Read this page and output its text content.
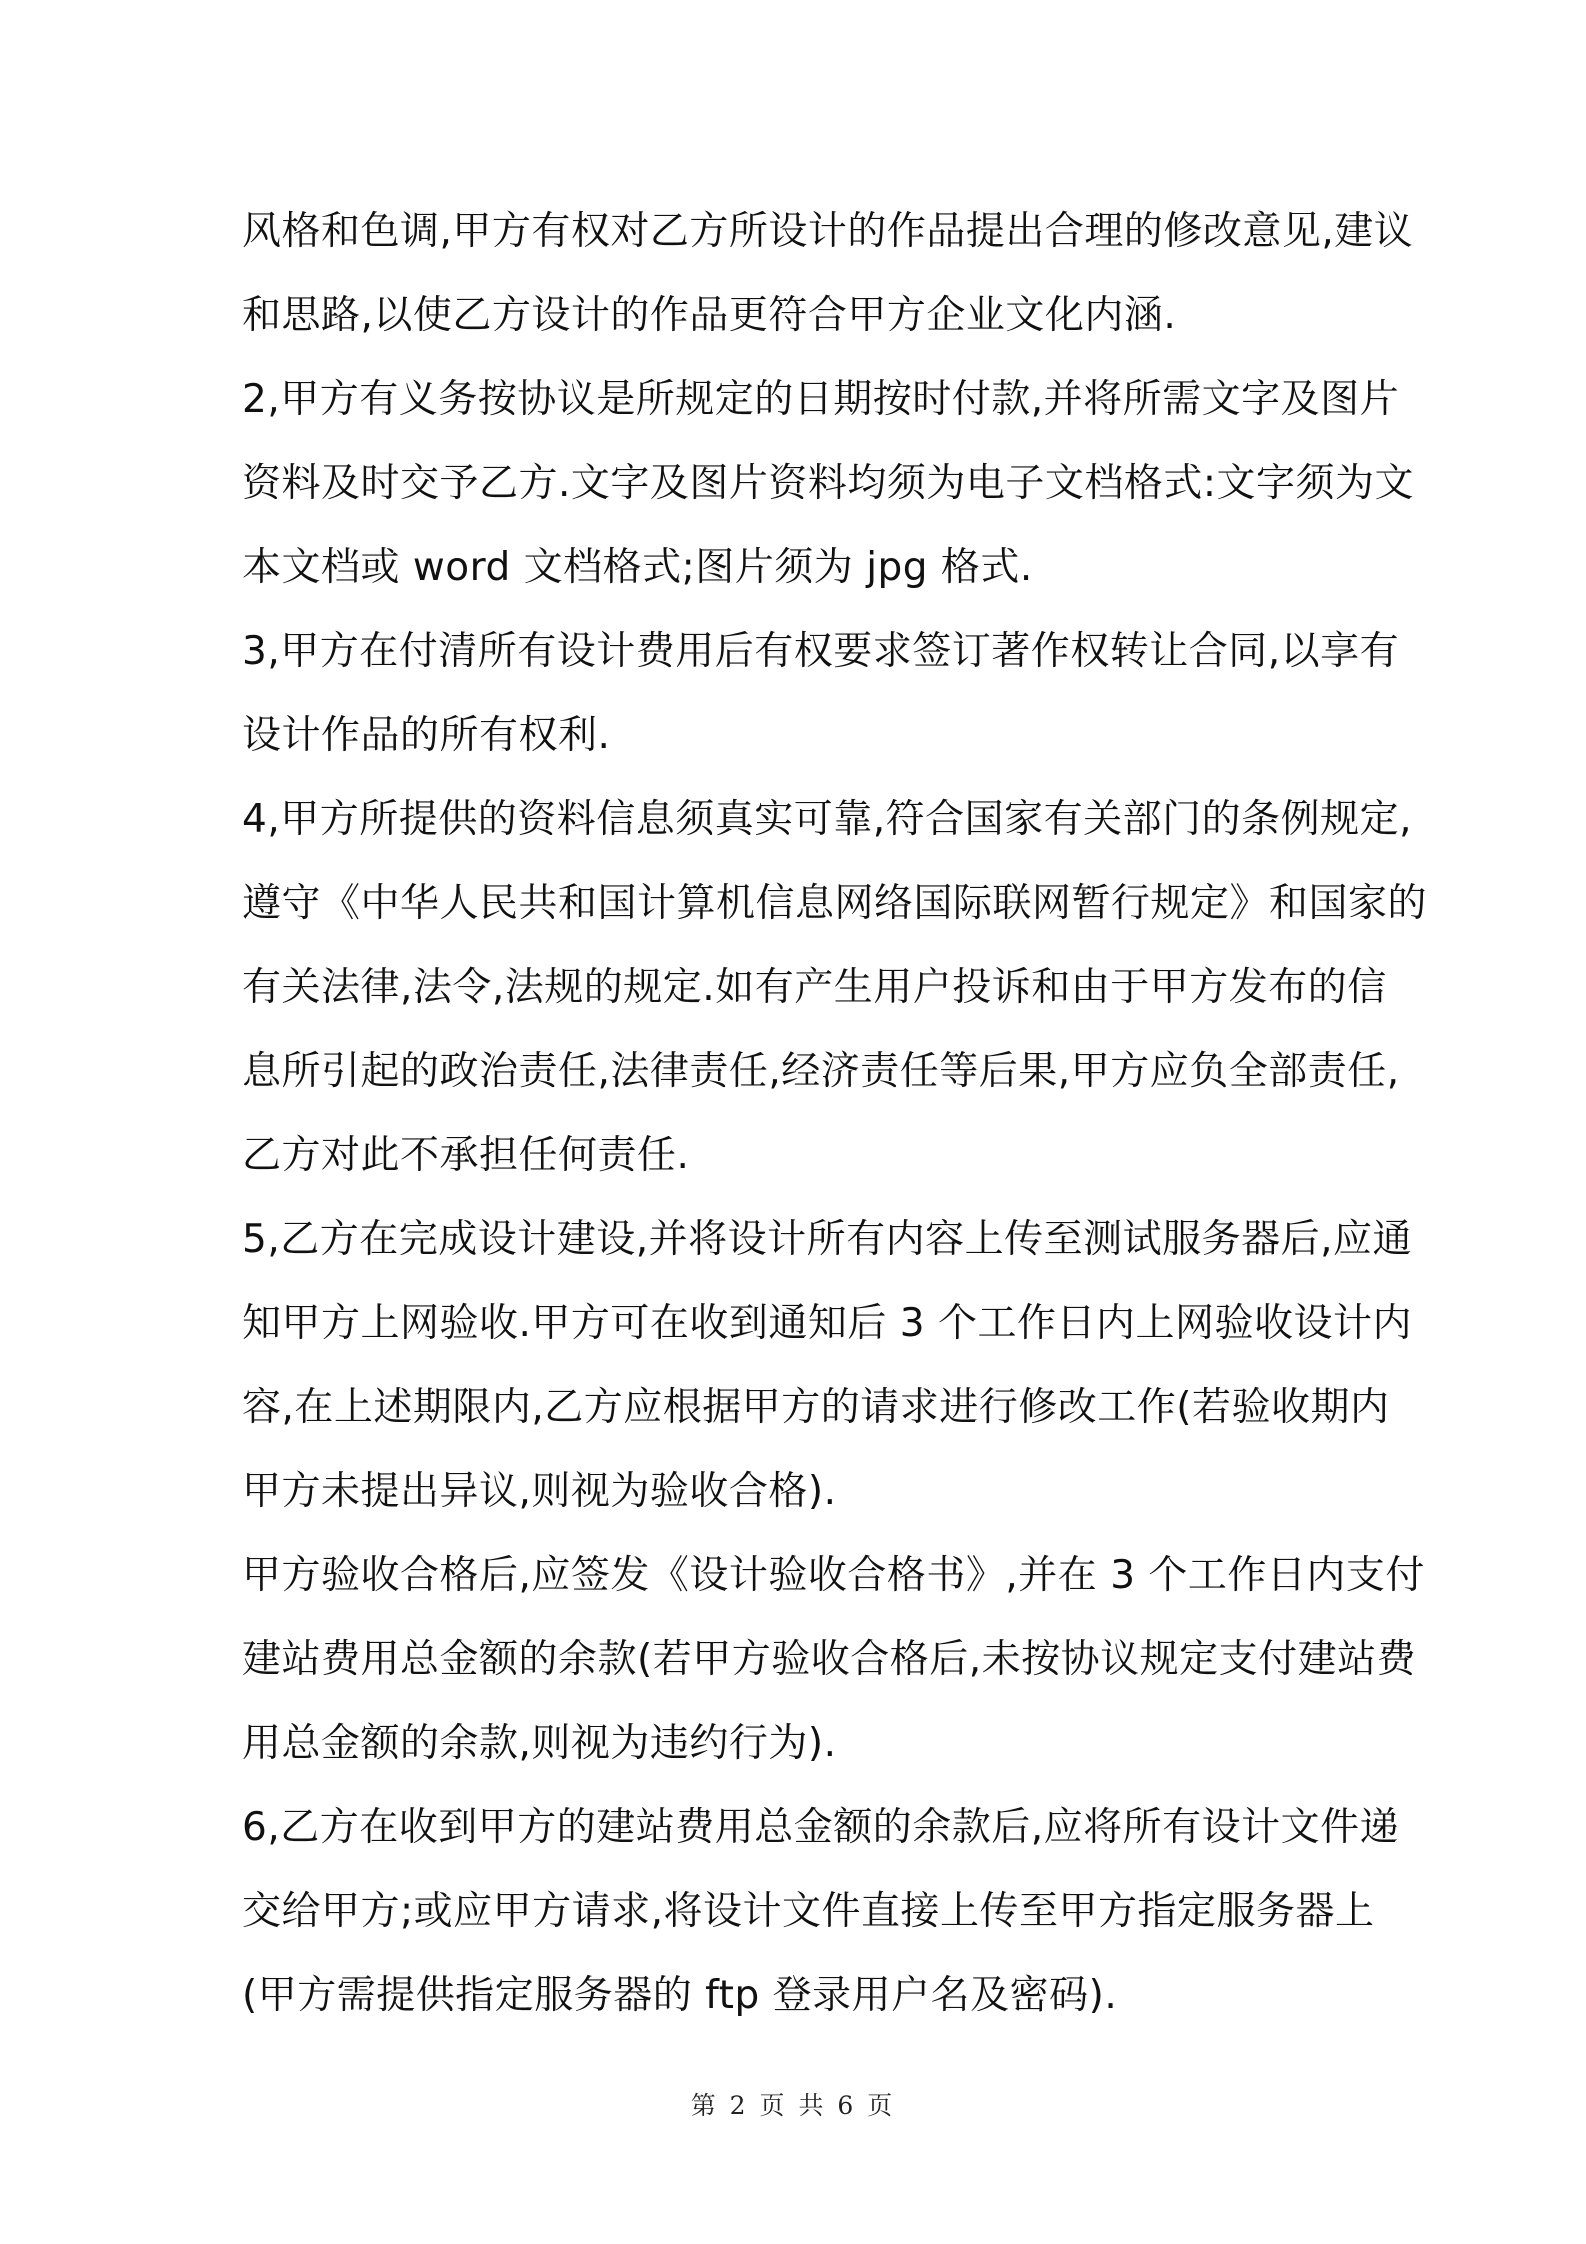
风格和色调,甲方有权对乙方所设计的作品提出合理的修改意见,建议
和思路,以使乙方设计的作品更符合甲方企业文化内涵.
2,甲方有义务按协议是所规定的日期按时付款,并将所需文字及图片
资料及时交予乙方.文字及图片资料均须为电子文档格式:文字须为文
本文档或 word 文档格式;图片须为 jpg 格式.
3,甲方在付清所有设计费用后有权要求签订著作权转让合同,以享有
设计作品的所有权利.
4,甲方所提供的资料信息须真实可靠,符合国家有关部门的条例规定,
遵守《中华人民共和国计算机信息网络国际联网暂行规定》和国家的
有关法律,法令,法规的规定.如有产生用户投诉和由于甲方发布的信
息所引起的政治责任,法律责任,经济责任等后果,甲方应负全部责任,
乙方对此不承担任何责任.
5,乙方在完成设计建设,并将设计所有内容上传至测试服务器后,应通
知甲方上网验收.甲方可在收到通知后 3 个工作日内上网验收设计内
容,在上述期限内,乙方应根据甲方的请求进行修改工作(若验收期内
甲方未提出异议,则视为验收合格).
甲方验收合格后,应签发《设计验收合格书》,并在 3 个工作日内支付
建站费用总金额的余款(若甲方验收合格后,未按协议规定支付建站费
用总金额的余款,则视为违约行为).
6,乙方在收到甲方的建站费用总金额的余款后,应将所有设计文件递
交给甲方;或应甲方请求,将设计文件直接上传至甲方指定服务器上
(甲方需提供指定服务器的 ftp 登录用户名及密码).
第 2 页 共 6 页
